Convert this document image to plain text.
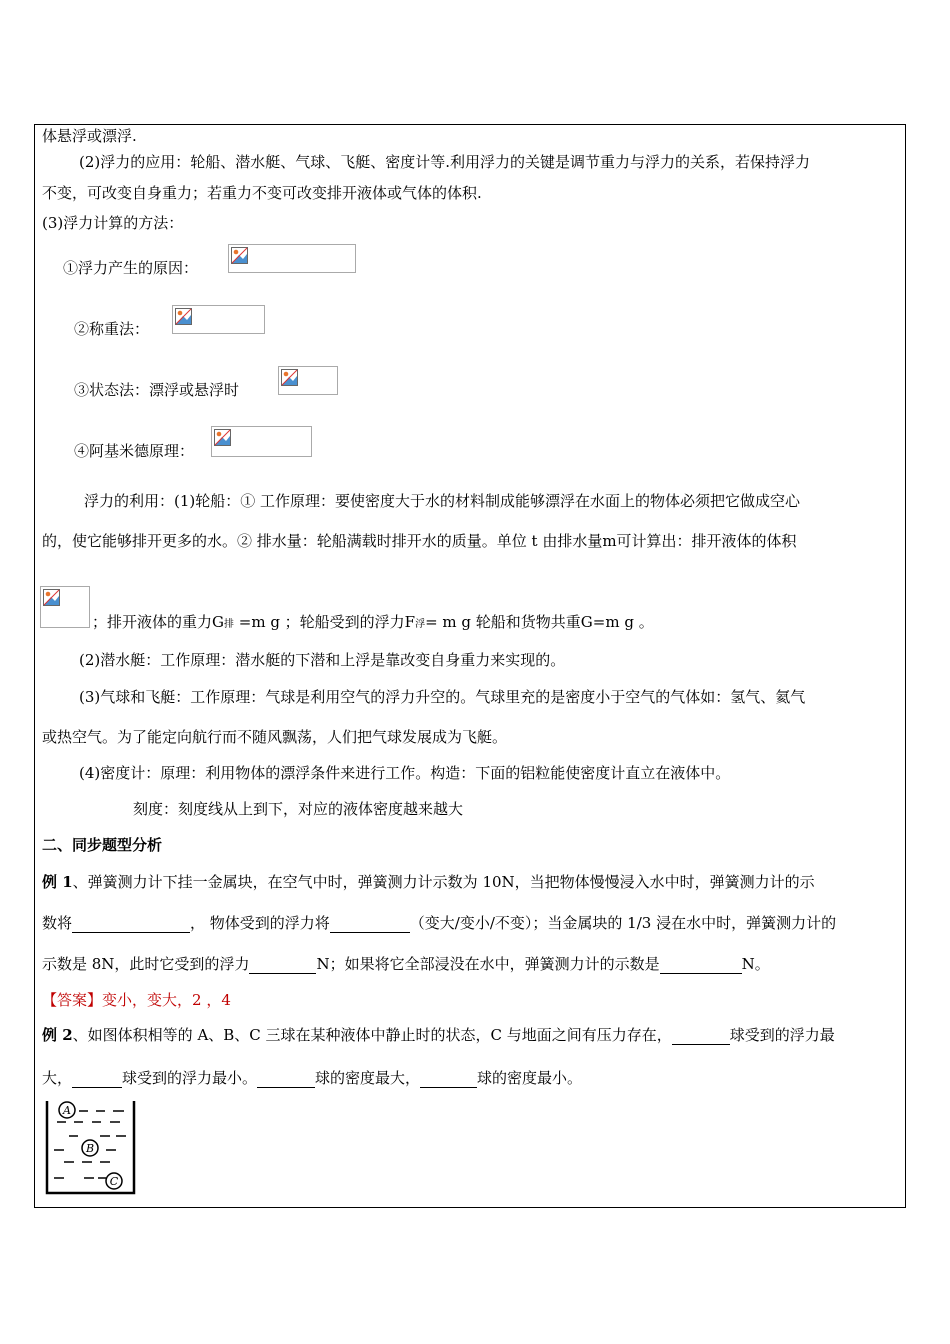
体悬浮或漂浮.
(2)浮力的应用：轮船、潜水艇、气球、飞艇、密度计等.利用浮力的关键是调节重力与浮力的关系，若保持浮力
不变，可改变自身重力；若重力不变可改变排开液体或气体的体积.
(3)浮力计算的方法：
①浮力产生的原因：
②称重法：
③状态法：漂浮或悬浮时
④阿基米德原理：
浮力的利用：(1)轮船：① 工作原理：要使密度大于水的材料制成能够漂浮在水面上的物体必须把它做成空心
的，使它能够排开更多的水。② 排水量：轮船满载时排开水的质量。单位 t 由排水量m可计算出：排开液体的体积
；排开液体的重力G排 =m g ；轮船受到的浮力F浮= m g 轮船和货物共重G=m g 。
(2)潜水艇：工作原理：潜水艇的下潜和上浮是靠改变自身重力来实现的。
(3)气球和飞艇：工作原理：气球是利用空气的浮力升空的。气球里充的是密度小于空气的气体如：氢气、氦气
或热空气。为了能定向航行而不随风飘荡，人们把气球发展成为飞艇。
(4)密度计：原理：利用物体的漂浮条件来进行工作。构造：下面的铝粒能使密度计直立在液体中。
刻度：刻度线从上到下，对应的液体密度越来越大
二、同步题型分析
例 1、弹簧测力计下挂一金属块，在空气中时，弹簧测力计示数为 10N，当把物体慢慢浸入水中时，弹簧测力计的示
数将	， 物体受到的浮力将	（变大/变小/不变）；当金属块的 1/3 浸在水中时，弹簧测力计的
示数是 8N，此时它受到的浮力	N；如果将它全部浸没在水中，弹簧测力计的示数是	N。
【答案】变小，变大，2 ，4
例 2、如图体积相等的 A、B、C 三球在某种液体中静止时的状态，C 与地面之间有压力存在，	球受到的浮力最
大，	球受到的浮力最小。	球的密度最大，	球的密度最小。
A
B
C
